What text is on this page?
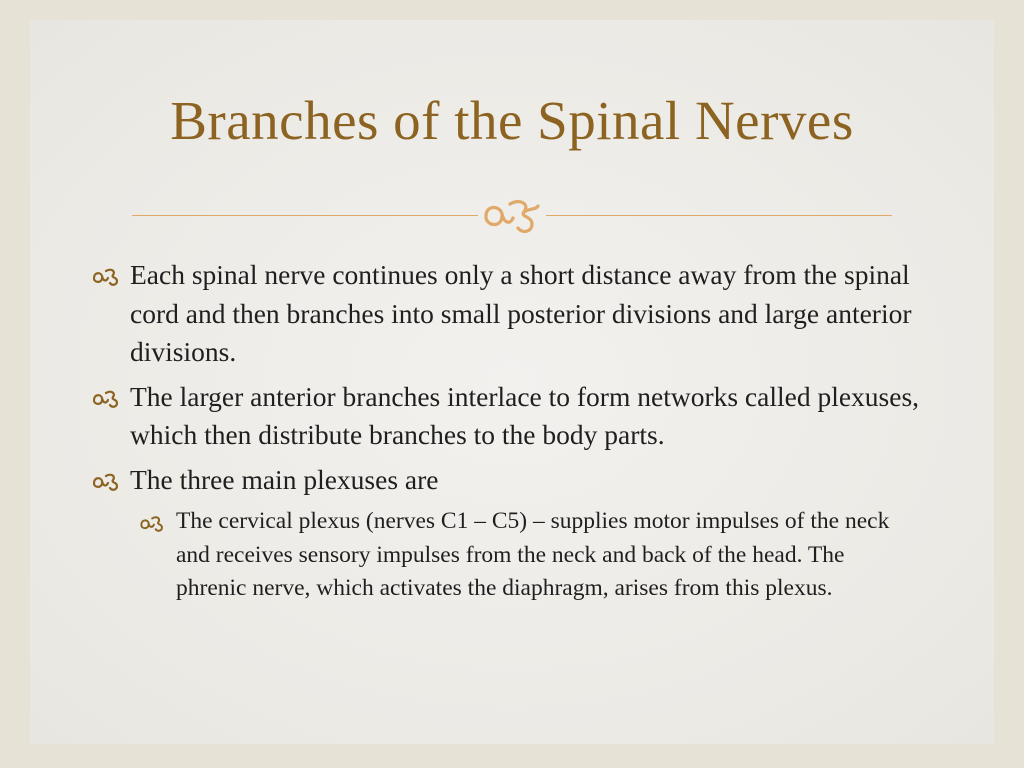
Branches of the Spinal Nerves
Each spinal nerve continues only a short distance away from the spinal cord and then branches into small posterior divisions and large anterior divisions.
The larger anterior branches interlace to form networks called plexuses, which then distribute branches to the body parts.
The three main plexuses are
The cervical plexus (nerves C1 – C5) – supplies motor impulses of the neck and receives sensory impulses from the neck and back of the head. The phrenic nerve, which activates the diaphragm, arises from this plexus.
